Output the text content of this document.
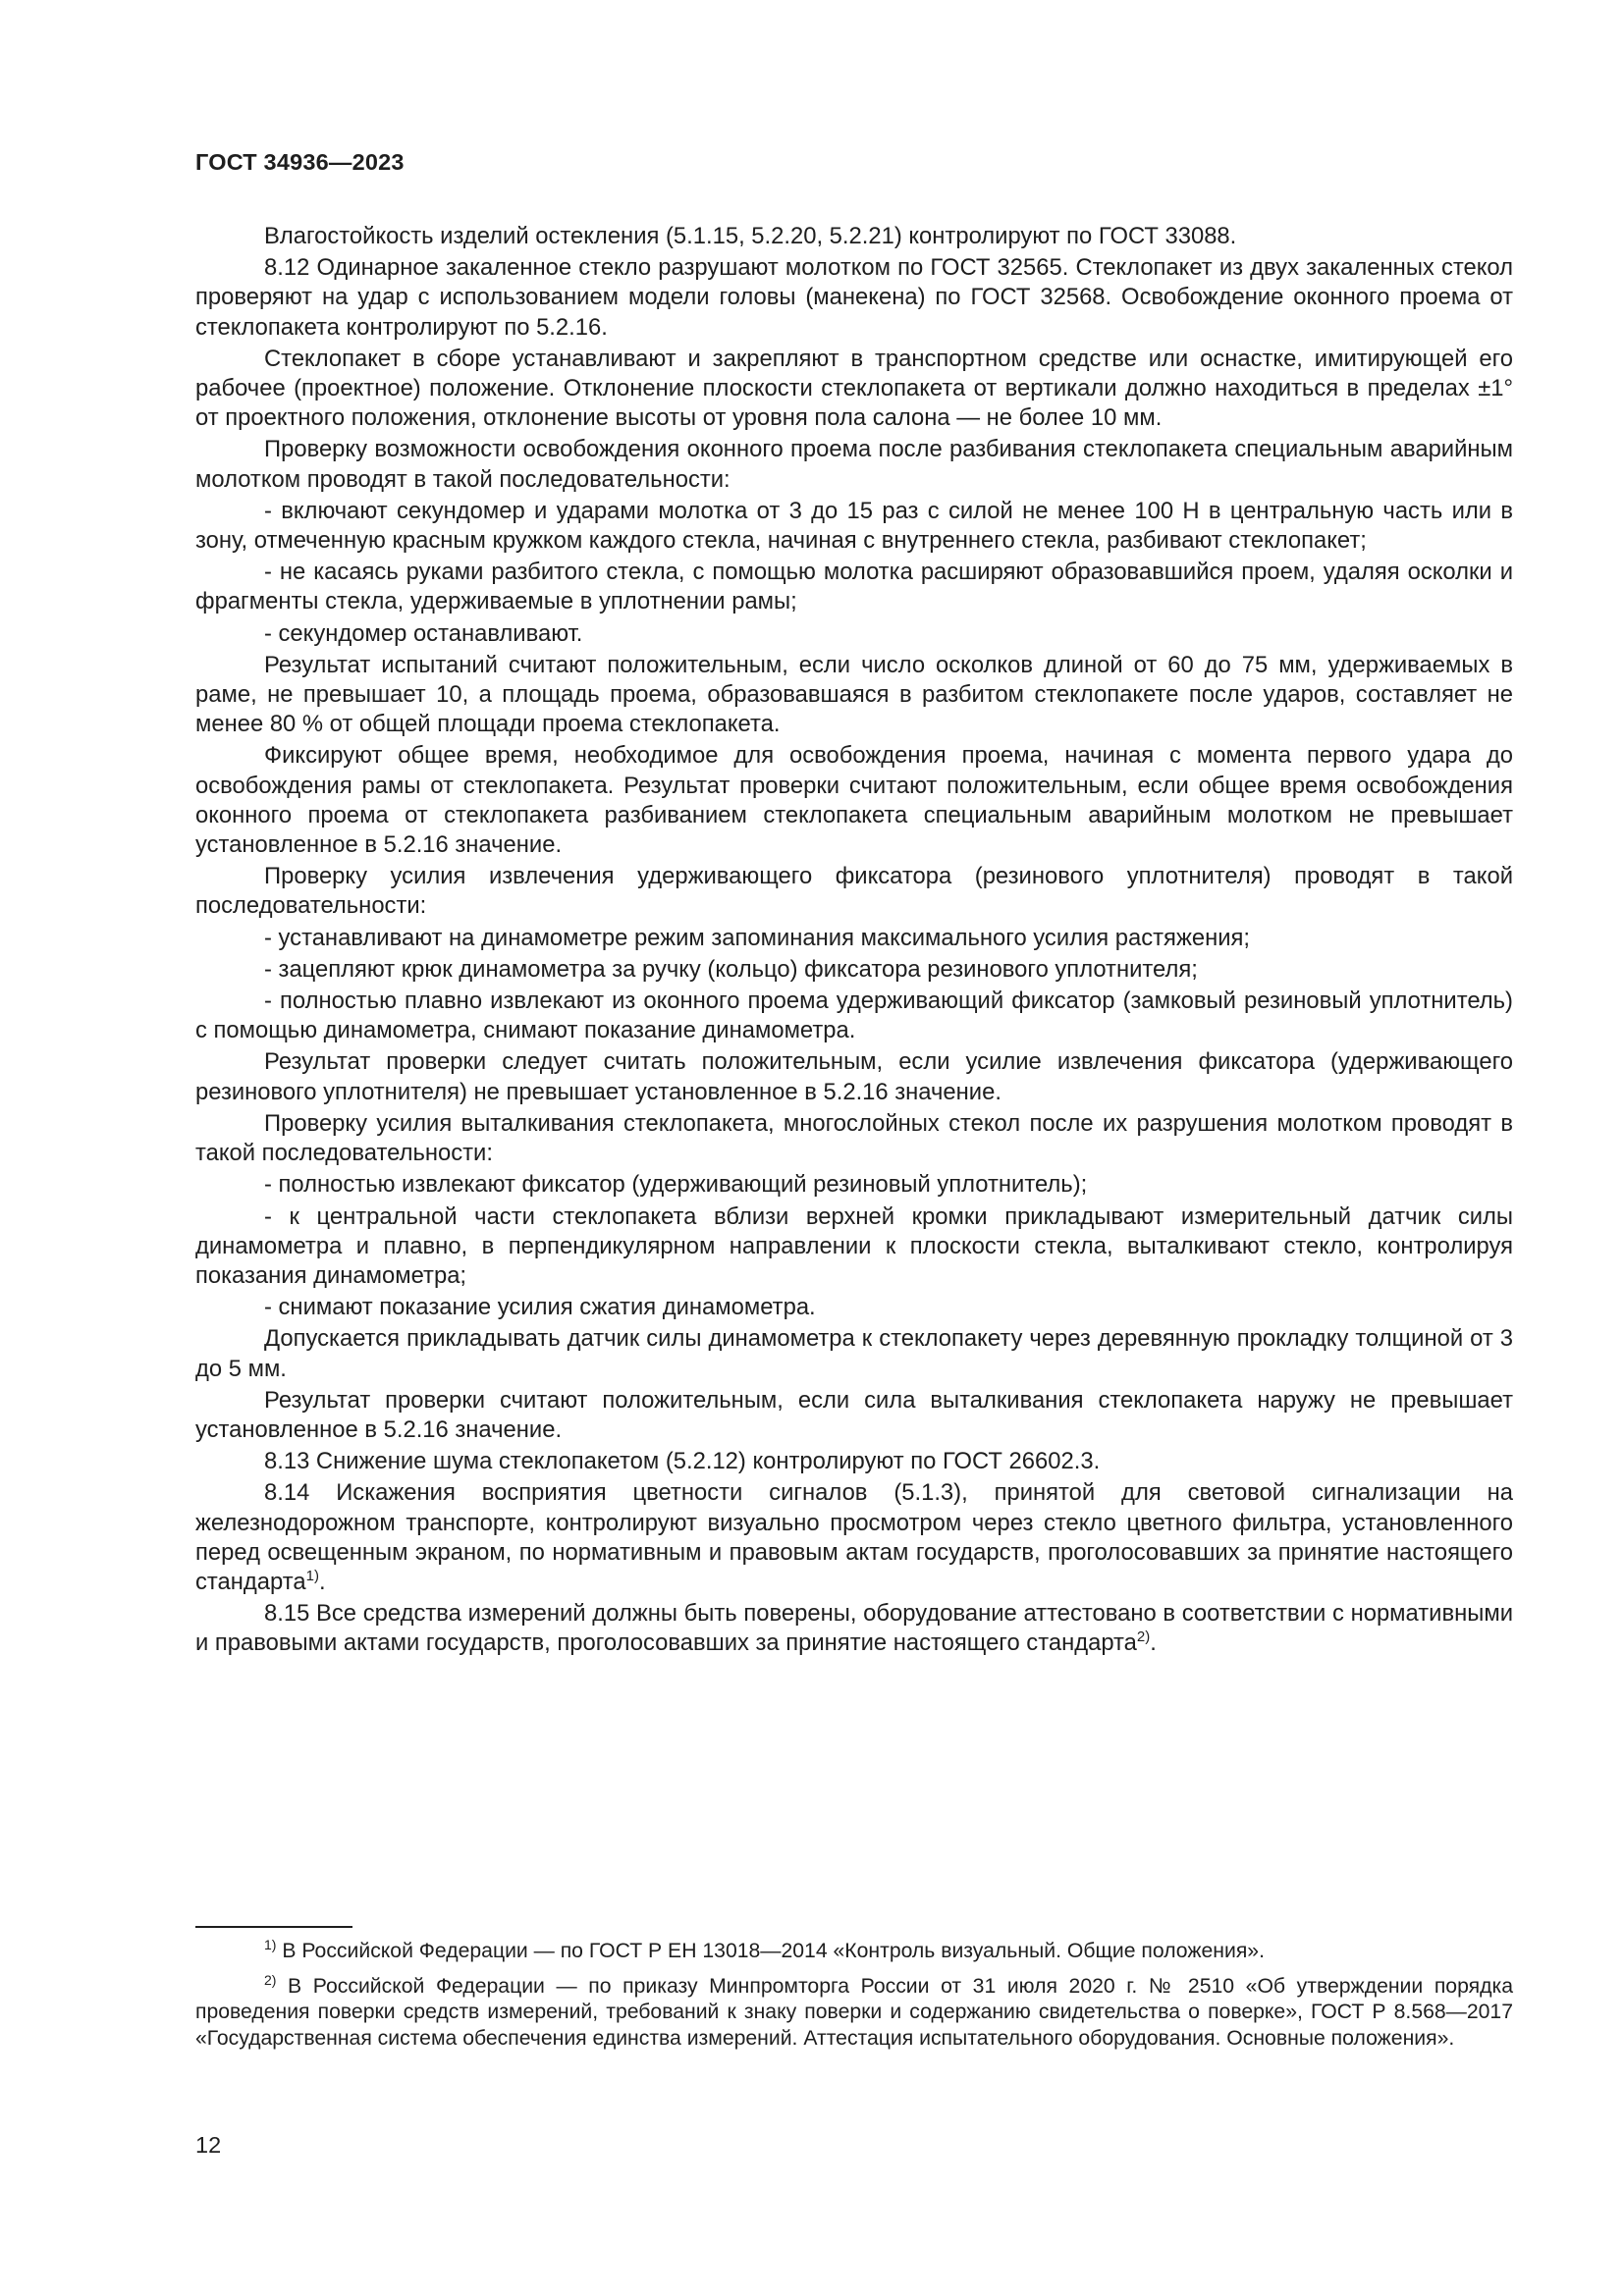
ГОСТ 34936—2023

Влагостойкость изделий остекления (5.1.15, 5.2.20, 5.2.21) контролируют по ГОСТ 33088.

8.12 Одинарное закаленное стекло разрушают молотком по ГОСТ 32565. Стеклопакет из двух закаленных стекол проверяют на удар с использованием модели головы (манекена) по ГОСТ 32568. Освобождение оконного проема от стеклопакета контролируют по 5.2.16.

Стеклопакет в сборе устанавливают и закрепляют в транспортном средстве или оснастке, имитирующей его рабочее (проектное) положение. Отклонение плоскости стеклопакета от вертикали должно находиться в пределах ±1° от проектного положения, отклонение высоты от уровня пола салона — не более 10 мм.

Проверку возможности освобождения оконного проема после разбивания стеклопакета специальным аварийным молотком проводят в такой последовательности:

- включают секундомер и ударами молотка от 3 до 15 раз с силой не менее 100 Н в центральную часть или в зону, отмеченную красным кружком каждого стекла, начиная с внутреннего стекла, разбивают стеклопакет;

- не касаясь руками разбитого стекла, с помощью молотка расширяют образовавшийся проем, удаляя осколки и фрагменты стекла, удерживаемые в уплотнении рамы;

- секундомер останавливают.

Результат испытаний считают положительным, если число осколков длиной от 60 до 75 мм, удерживаемых в раме, не превышает 10, а площадь проема, образовавшаяся в разбитом стеклопакете после ударов, составляет не менее 80 % от общей площади проема стеклопакета.

Фиксируют общее время, необходимое для освобождения проема, начиная с момента первого удара до освобождения рамы от стеклопакета. Результат проверки считают положительным, если общее время освобождения оконного проема от стеклопакета разбиванием стеклопакета специальным аварийным молотком не превышает установленное в 5.2.16 значение.

Проверку усилия извлечения удерживающего фиксатора (резинового уплотнителя) проводят в такой последовательности:

- устанавливают на динамометре режим запоминания максимального усилия растяжения;

- зацепляют крюк динамометра за ручку (кольцо) фиксатора резинового уплотнителя;

- полностью плавно извлекают из оконного проема удерживающий фиксатор (замковый резиновый уплотнитель) с помощью динамометра, снимают показание динамометра.

Результат проверки следует считать положительным, если усилие извлечения фиксатора (удерживающего резинового уплотнителя) не превышает установленное в 5.2.16 значение.

Проверку усилия выталкивания стеклопакета, многослойных стекол после их разрушения молотком проводят в такой последовательности:

- полностью извлекают фиксатор (удерживающий резиновый уплотнитель);

- к центральной части стеклопакета вблизи верхней кромки прикладывают измерительный датчик силы динамометра и плавно, в перпендикулярном направлении к плоскости стекла, выталкивают стекло, контролируя показания динамометра;

- снимают показание усилия сжатия динамометра.

Допускается прикладывать датчик силы динамометра к стеклопакету через деревянную прокладку толщиной от 3 до 5 мм.

Результат проверки считают положительным, если сила выталкивания стеклопакета наружу не превышает установленное в 5.2.16 значение.

8.13 Снижение шума стеклопакетом (5.2.12) контролируют по ГОСТ 26602.3.

8.14 Искажения восприятия цветности сигналов (5.1.3), принятой для световой сигнализации на железнодорожном транспорте, контролируют визуально просмотром через стекло цветного фильтра, установленного перед освещенным экраном, по нормативным и правовым актам государств, проголосовавших за принятие настоящего стандарта$^{1)}$.

8.15 Все средства измерений должны быть поверены, оборудование аттестовано в соответствии с нормативными и правовыми актами государств, проголосовавших за принятие настоящего стандарта$^{2)}$.

$^{1)}$ В Российской Федерации — по ГОСТ Р ЕН 13018—2014 «Контроль визуальный. Общие положения».

$^{2)}$ В Российской Федерации — по приказу Минпромторга России от 31 июля 2020 г. № 2510 «Об утверждении порядка проведения поверки средств измерений, требований к знаку поверки и содержанию свидетельства о поверке», ГОСТ Р 8.568—2017 «Государственная система обеспечения единства измерений. Аттестация испытательного оборудования. Основные положения».

12
